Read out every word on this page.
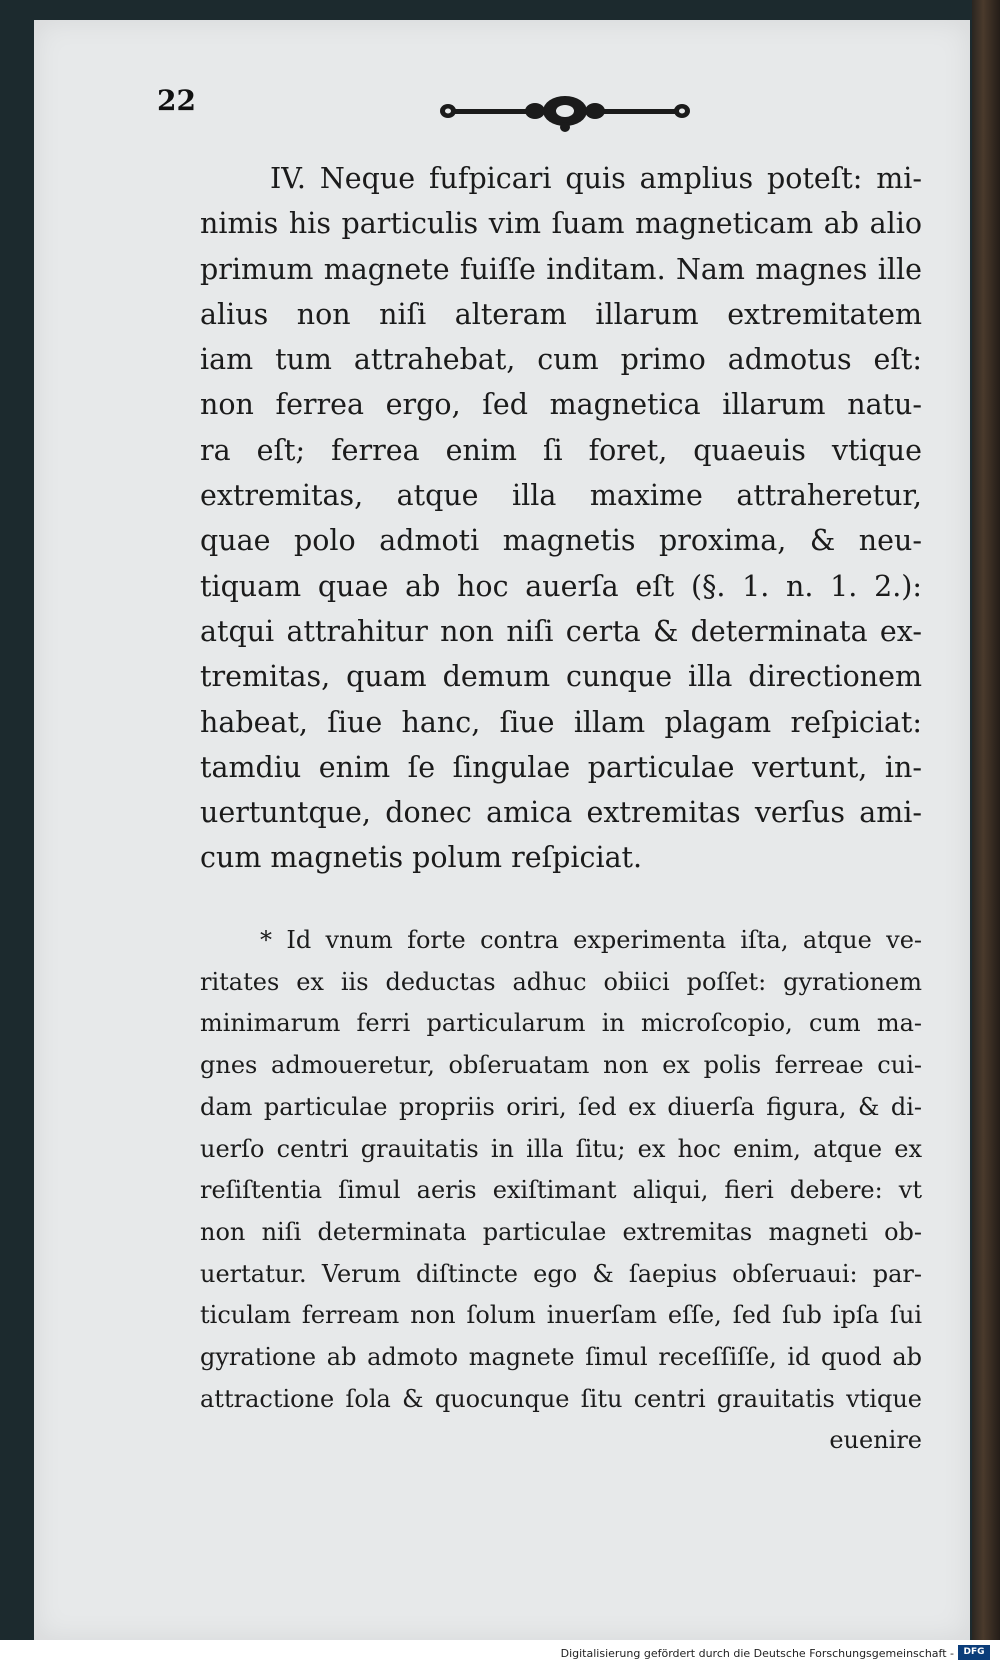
22
IV. Neque fufpicari quis amplius poteſt: mi-
nimis his particulis vim ſuam magneticam ab alio
primum magnete fuiſſe inditam. Nam magnes ille
alius non niſi alteram illarum extremitatem
iam tum attrahebat, cum primo admotus eſt:
non ferrea ergo, ſed magnetica illarum natu-
ra eſt; ferrea enim ſi foret, quaeuis vtique
extremitas, atque illa maxime attraheretur,
quae polo admoti magnetis proxima, & neu-
tiquam quae ab hoc auerſa eſt (§. 1. n. 1. 2.):
atqui attrahitur non niſi certa & determinata ex-
tremitas, quam demum cunque illa directionem
habeat, ſiue hanc, ſiue illam plagam reſpiciat:
tamdiu enim ſe ſingulae particulae vertunt, in-
uertuntque, donec amica extremitas verſus ami-
cum magnetis polum reſpiciat.
* Id vnum forte contra experimenta iſta, atque ve-
ritates ex iis deductas adhuc obiici poſſet: gyrationem
minimarum ferri particularum in microſcopio, cum ma-
gnes admoueretur, obſeruatam non ex polis ferreae cui-
dam particulae propriis oriri, ſed ex diuerſa figura, & di-
uerſo centri grauitatis in illa ſitu; ex hoc enim, atque ex
reſiſtentia ſimul aeris exiſtimant aliqui, fieri debere: vt
non niſi determinata particulae extremitas magneti ob-
uertatur. Verum diſtincte ego & ſaepius obſeruaui: par-
ticulam ferream non ſolum inuerſam eſſe, ſed ſub ipſa ſui
gyratione ab admoto magnete ſimul receſſiſſe, id quod ab
attractione ſola & quocunque ſitu centri grauitatis vtique
euenire
Digitalisierung gefördert durch die Deutsche Forschungsgemeinschaft -	DFG
